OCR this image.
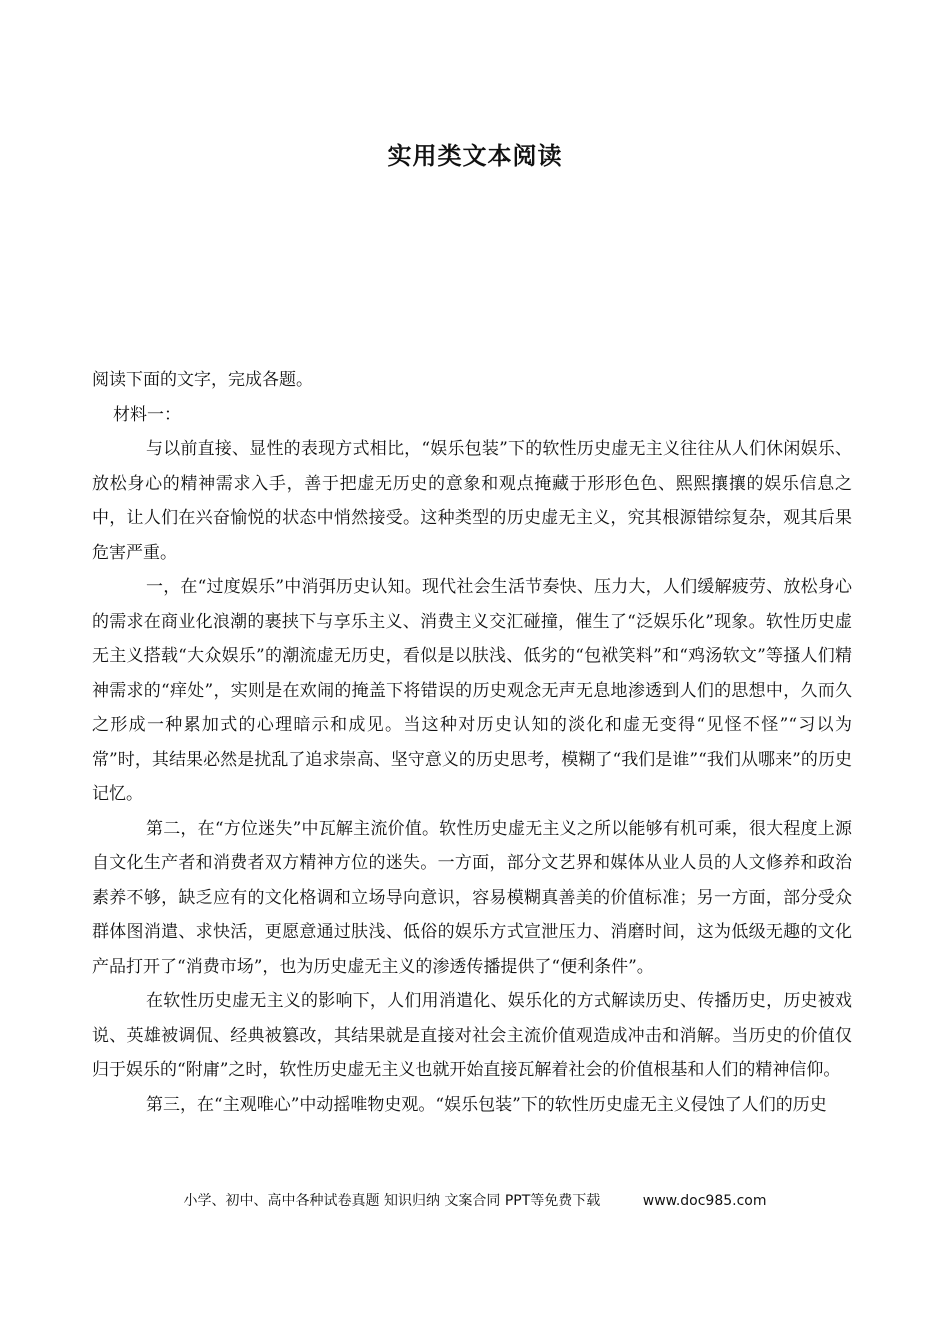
实用类文本阅读

阅读下面的文字，完成各题。

材料一：

与以前直接、显性的表现方式相比，“娱乐包装”下的软性历史虚无主义往往从人们休闲娱乐、放松身心的精神需求入手，善于把虚无历史的意象和观点掩藏于形形色色、熙熙攘攘的娱乐信息之中，让人们在兴奋愉悦的状态中悄然接受。这种类型的历史虚无主义，究其根源错综复杂，观其后果危害严重。

一，在“过度娱乐”中消弭历史认知。现代社会生活节奏快、压力大，人们缓解疲劳、放松身心的需求在商业化浪潮的裹挟下与享乐主义、消费主义交汇碰撞，催生了“泛娱乐化”现象。软性历史虚无主义搭载“大众娱乐”的潮流虚无历史，看似是以肤浅、低劣的“包袱笑料”和“鸡汤软文”等搔人们精神需求的“痒处”，实则是在欢闹的掩盖下将错误的历史观念无声无息地渗透到人们的思想中，久而久之形成一种累加式的心理暗示和成见。当这种对历史认知的淡化和虚无变得“见怪不怪”“习以为常”时，其结果必然是扰乱了追求崇高、坚守意义的历史思考，模糊了“我们是谁”“我们从哪来”的历史记忆。

第二，在“方位迷失”中瓦解主流价值。软性历史虚无主义之所以能够有机可乘，很大程度上源自文化生产者和消费者双方精神方位的迷失。一方面，部分文艺界和媒体从业人员的人文修养和政治素养不够，缺乏应有的文化格调和立场导向意识，容易模糊真善美的价值标准；另一方面，部分受众群体图消遣、求快活，更愿意通过肤浅、低俗的娱乐方式宣泄压力、消磨时间，这为低级无趣的文化产品打开了“消费市场”，也为历史虚无主义的渗透传播提供了“便利条件”。

在软性历史虚无主义的影响下，人们用消遣化、娱乐化的方式解读历史、传播历史，历史被戏说、英雄被调侃、经典被篡改，其结果就是直接对社会主流价值观造成冲击和消解。当历史的价值仅归于娱乐的“附庸”之时，软性历史虚无主义也就开始直接瓦解着社会的价值根基和人们的精神信仰。

第三，在“主观唯心”中动摇唯物史观。“娱乐包装”下的软性历史虚无主义侵蚀了人们的历史

小学、初中、高中各种试卷真题 知识归纳 文案合同 PPT等免费下载	www.doc985.com
